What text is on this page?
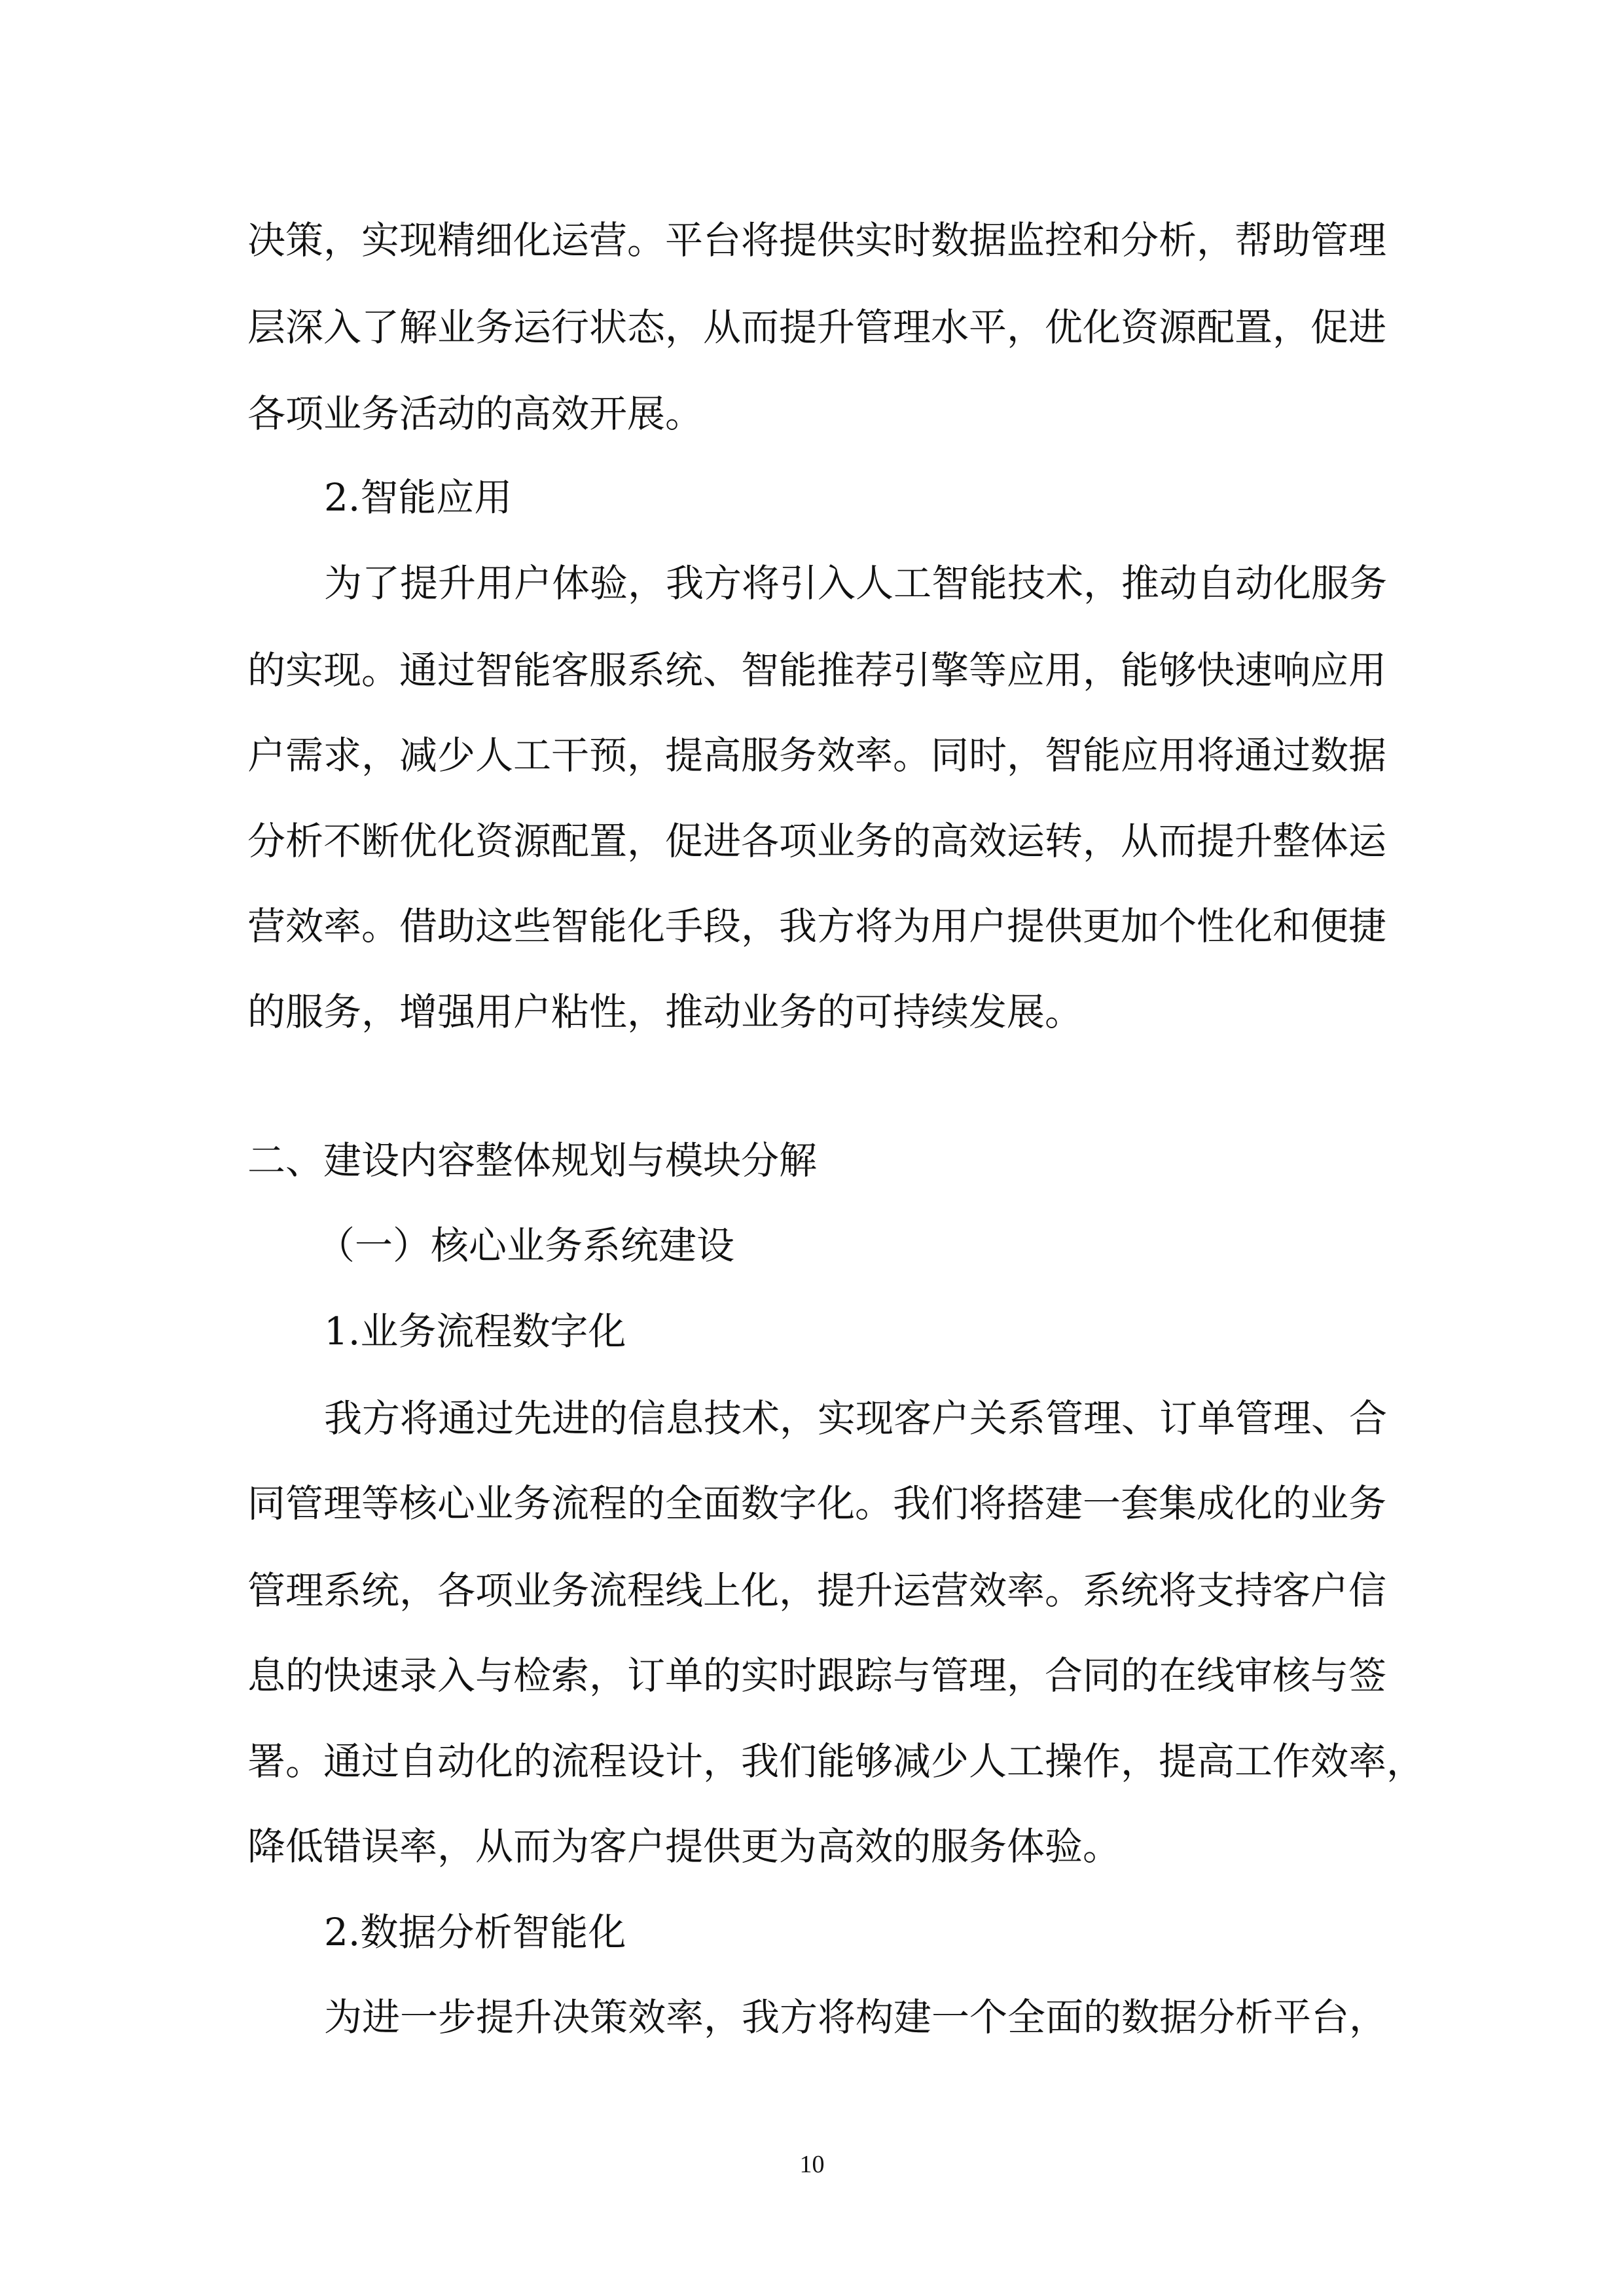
决策，实现精细化运营。平台将提供实时数据监控和分析，帮助管理
层深入了解业务运行状态，从而提升管理水平，优化资源配置，促进
各项业务活动的高效开展。
2.智能应用
为了提升用户体验，我方将引入人工智能技术，推动自动化服务
的实现。通过智能客服系统、智能推荐引擎等应用，能够快速响应用
户需求，减少人工干预，提高服务效率。同时，智能应用将通过数据
分析不断优化资源配置，促进各项业务的高效运转，从而提升整体运
营效率。借助这些智能化手段，我方将为用户提供更加个性化和便捷
的服务，增强用户粘性，推动业务的可持续发展。
二、建设内容整体规划与模块分解
（一）核心业务系统建设
1.业务流程数字化
我方将通过先进的信息技术，实现客户关系管理、订单管理、合
同管理等核心业务流程的全面数字化。我们将搭建一套集成化的业务
管理系统，各项业务流程线上化，提升运营效率。系统将支持客户信
息的快速录入与检索，订单的实时跟踪与管理，合同的在线审核与签
署。通过自动化的流程设计，我们能够减少人工操作，提高工作效率，
降低错误率，从而为客户提供更为高效的服务体验。
2.数据分析智能化
为进一步提升决策效率，我方将构建一个全面的数据分析平台，
10
